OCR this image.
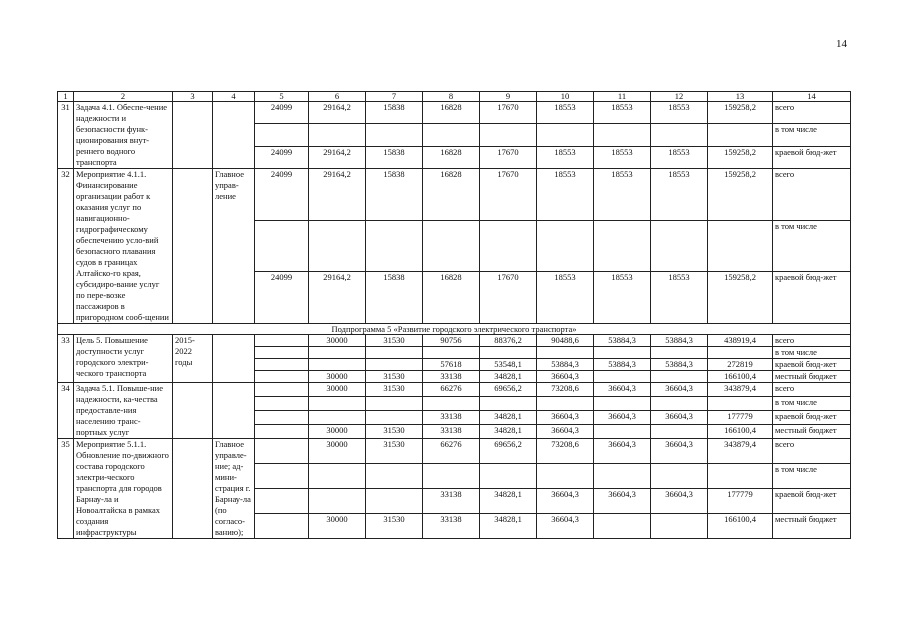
14
1	2	3	4	5	6	7	8	9	10	11	12	13	14
31	Задача 4.1. Обеспе-чение надежности и безопасности функ-ционирования внут-реннего водного транспорта			24099	29164,2	15838	16828	17670	18553	18553	18553	159258,2	всего
													в том числе
				24099	29164,2	15838	16828	17670	18553	18553	18553	159258,2	краевой бюд-жет
32	Мероприятие 4.1.1. Финансирование организации работ к оказания услуг по навигационно-гидрографическому обеспечению усло-вий безопасного плавания судов в границах Алтайско-го края, субсидиро-вание услуг по пере-возке пассажиров в пригородном сооб-щении		Главное управ-ление	24099	29164,2	15838	16828	17670	18553	18553	18553	159258,2	всего
													в том числе
				24099	29164,2	15838	16828	17670	18553	18553	18553	159258,2	краевой бюд-жет
Подпрограмма 5 «Развитие городского электрического транспорта»													
33	Цель 5. Повышение доступности услуг городского электри-ческого транспорта	2015-2022 годы			30000	31530	90756	88376,2	90488,6	53884,3	53884,3	438919,4	всего
													в том числе
							57618	53548,1	53884,3	53884,3	53884,3	272819	краевой бюд-жет
					30000	31530	33138	34828,1	36604,3			166100,4	местный бюджет
34	Задача 5.1. Повыше-ние надежности, ка-чества предоставле-ния населению транс-портных услуг				30000	31530	66276	69656,2	73208,6	36604,3	36604,3	343879,4	всего
													в том числе
							33138	34828,1	36604,3	36604,3	36604,3	177779	краевой бюд-жет
					30000	31530	33138	34828,1	36604,3			166100,4	местный бюджет
35	Мероприятие 5.1.1. Обновление по-движного состава городского электри-ческого транспорта для городов Барнау-ла и Новоалтайска в рамках создания инфраструктуры		Главное управле-ние; ад-мини-страция г. Барнау-ла (по согласо-ванию);		30000	31530	66276	69656,2	73208,6	36604,3	36604,3	343879,4	всего
													в том числе
							33138	34828,1	36604,3	36604,3	36604,3	177779	краевой бюд-жет
					30000	31530	33138	34828,1	36604,3			166100,4	местный бюджет
